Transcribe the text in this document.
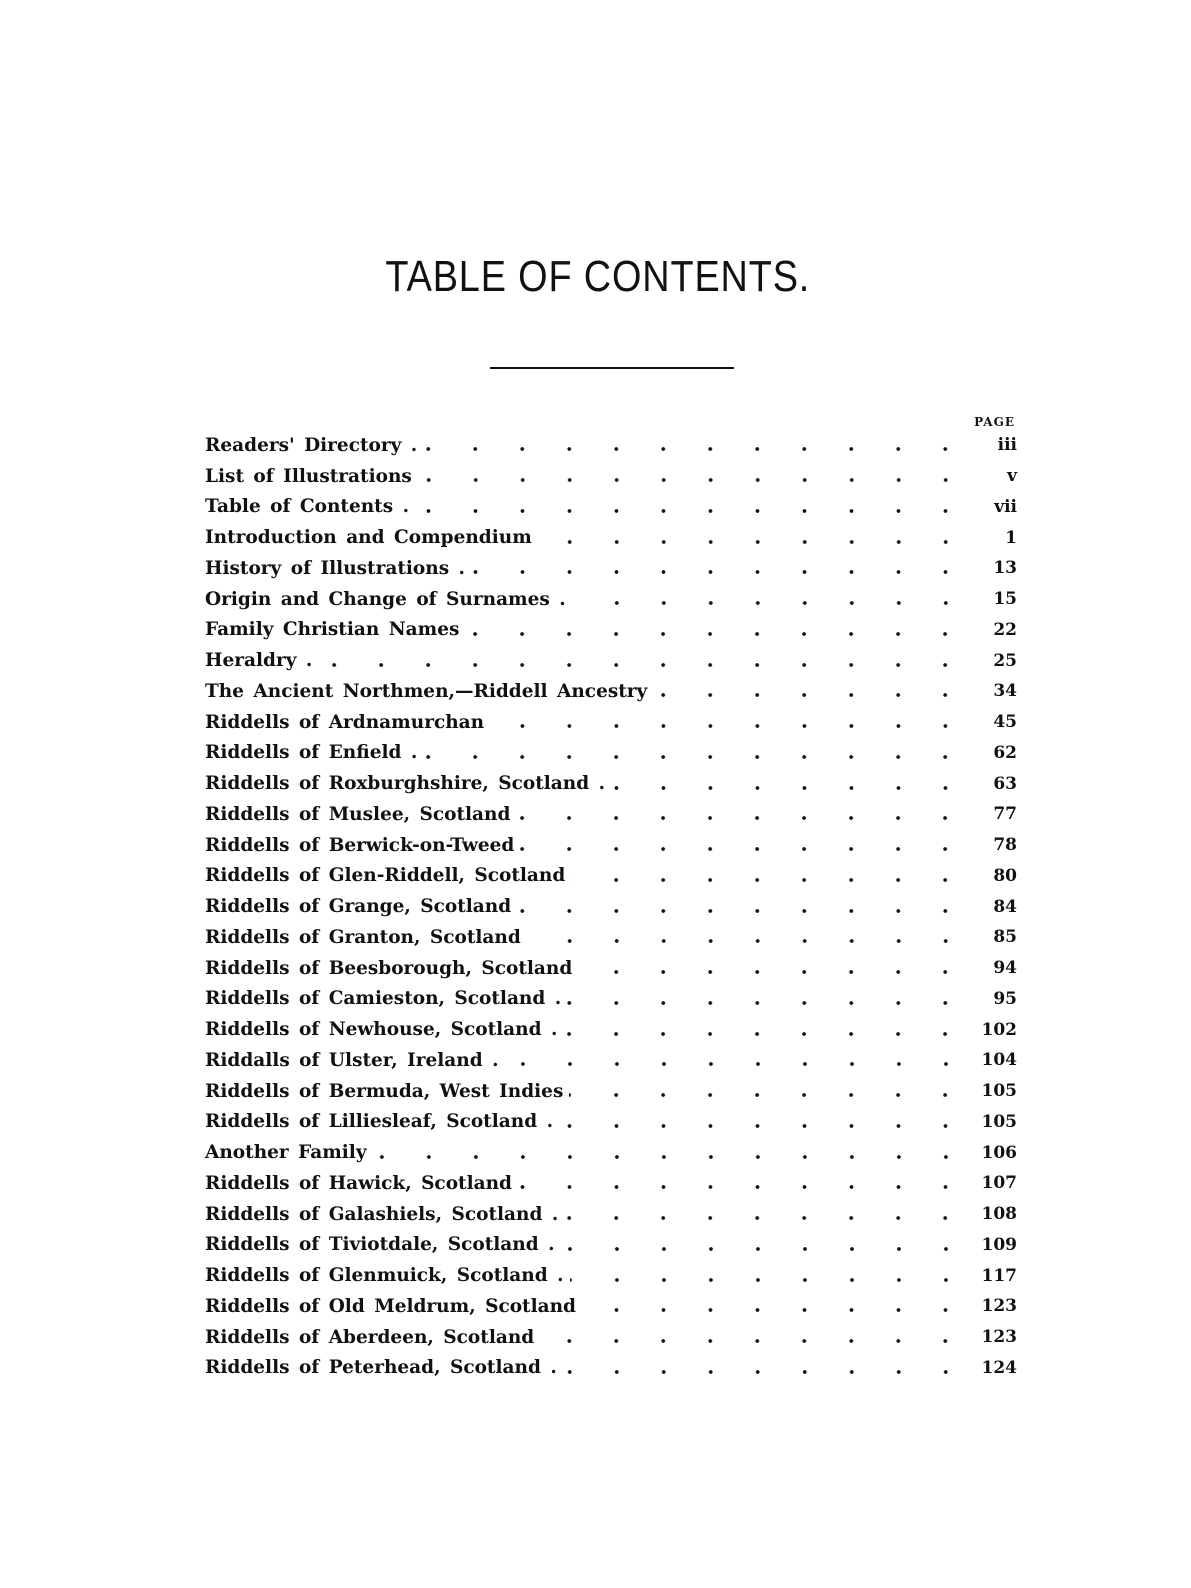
TABLE OF CONTENTS.
PAGE
Readers' Directory .	iii
List of Illustrations	v
Table of Contents .	vii
Introduction and Compendium	1
History of Illustrations .	13
Origin and Change of Surnames .	15
Family Christian Names	22
Heraldry .	25
The Ancient Northmen,—Riddell Ancestry	34
Riddells of Ardnamurchan	45
Riddells of Enfield .	62
Riddells of Roxburghshire, Scotland .	63
Riddells of Muslee, Scotland	77
Riddells of Berwick-on-Tweed	78
Riddells of Glen-Riddell, Scotland	80
Riddells of Grange, Scotland	84
Riddells of Granton, Scotland	85
Riddells of Beesborough, Scotland	94
Riddells of Camieston, Scotland .	95
Riddells of Newhouse, Scotland .	102
Riddalls of Ulster, Ireland .	104
Riddells of Bermuda, West Indies	105
Riddells of Lilliesleaf, Scotland .	105
Another Family	106
Riddells of Hawick, Scotland	107
Riddells of Galashiels, Scotland .	108
Riddells of Tiviotdale, Scotland .	109
Riddells of Glenmuick, Scotland .	117
Riddells of Old Meldrum, Scotland	123
Riddells of Aberdeen, Scotland	123
Riddells of Peterhead, Scotland .	124
